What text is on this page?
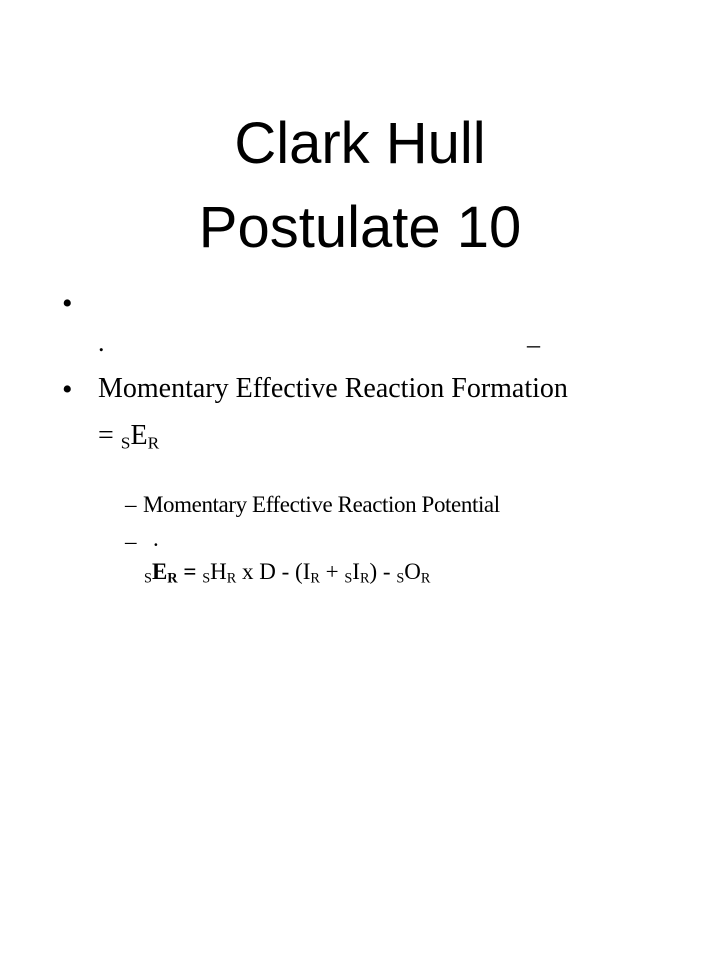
Clark Hull
Postulate 10
•
.	_
• Momentary Effective Reaction Formation
= $_SE_R$
– Momentary Effective Reaction Potential
– .
$_SE_R = _SH_R$ x $D - (I_R + _SI_R) - _SO_R$
